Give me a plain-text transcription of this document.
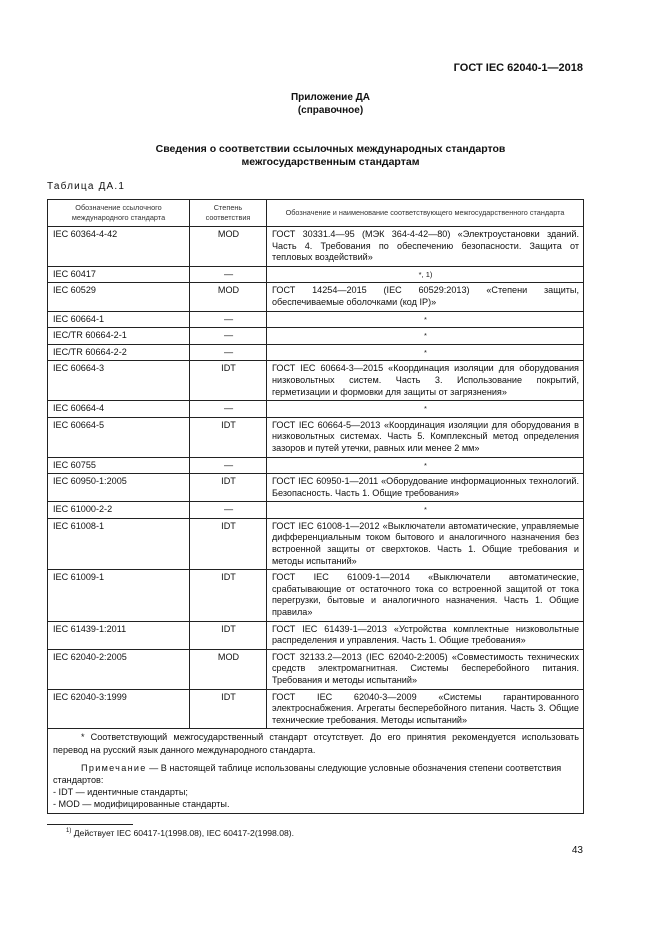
ГОСТ IEC 62040-1—2018
Приложение ДА
(справочное)
Сведения о соответствии ссылочных международных стандартов
межгосударственным стандартам
Таблица ДА.1
Обозначение ссылочного международного стандарта	Степень соответствия	Обозначение и наименование соответствующего межгосударственного стандарта
IEC 60364-4-42	MOD	ГОСТ 30331.4—95 (МЭК 364-4-42—80) «Электроустановки зданий. Часть 4. Требования по обеспечению безопасности. Защита от тепловых воздействий»
IEC 60417	—	*, 1)
IEC 60529	MOD	ГОСТ 14254—2015 (IEC 60529:2013) «Степени защиты, обеспечиваемые оболочками (код IP)»
IEC 60664-1	—	*
IEC/TR 60664-2-1	—	*
IEC/TR 60664-2-2	—	*
IEC 60664-3	IDT	ГОСТ IEC 60664-3—2015 «Координация изоляции для оборудования низковольтных систем. Часть 3. Использование покрытий, герметизации и формовки для защиты от загрязнения»
IEC 60664-4	—	*
IEC 60664-5	IDT	ГОСТ IEC 60664-5—2013 «Координация изоляции для оборудования в низковольтных системах. Часть 5. Комплексный метод определения зазоров и путей утечки, равных или менее 2 мм»
IEC 60755	—	*
IEC 60950-1:2005	IDT	ГОСТ IEC 60950-1—2011 «Оборудование информационных технологий. Безопасность. Часть 1. Общие требования»
IEC 61000-2-2	—	*
IEC 61008-1	IDT	ГОСТ IEC 61008-1—2012 «Выключатели автоматические, управляемые дифференциальным током бытового и аналогичного назначения без встроенной защиты от сверхтоков. Часть 1. Общие требования и методы испытаний»
IEC 61009-1	IDT	ГОСТ IEC 61009-1—2014 «Выключатели автоматические, срабатывающие от остаточного тока со встроенной защитой от тока перегрузки, бытовые и аналогичного назначения. Часть 1. Общие правила»
IEC 61439-1:2011	IDT	ГОСТ IEC 61439-1—2013 «Устройства комплектные низковольтные распределения и управления. Часть 1. Общие требования»
IEC 62040-2:2005	MOD	ГОСТ 32133.2—2013 (IEC 62040-2:2005) «Совместимость технических средств электромагнитная. Системы бесперебойного питания. Требования и методы испытаний»
IEC 62040-3:1999	IDT	ГОСТ IEC 62040-3—2009 «Системы гарантированного электроснабжения. Агрегаты бесперебойного питания. Часть 3. Общие технические требования. Методы испытаний»

* Соответствующий межгосударственный стандарт отсутствует. До его принятия рекомендуется использовать перевод на русский язык данного международного стандарта.
Примечание — В настоящей таблице использованы следующие условные обозначения степени соответствия стандартов:
- IDT — идентичные стандарты;
- MOD — модифицированные стандарты.		
$^{1)}$ Действует IEC 60417-1(1998.08), IEC 60417-2(1998.08).
43
